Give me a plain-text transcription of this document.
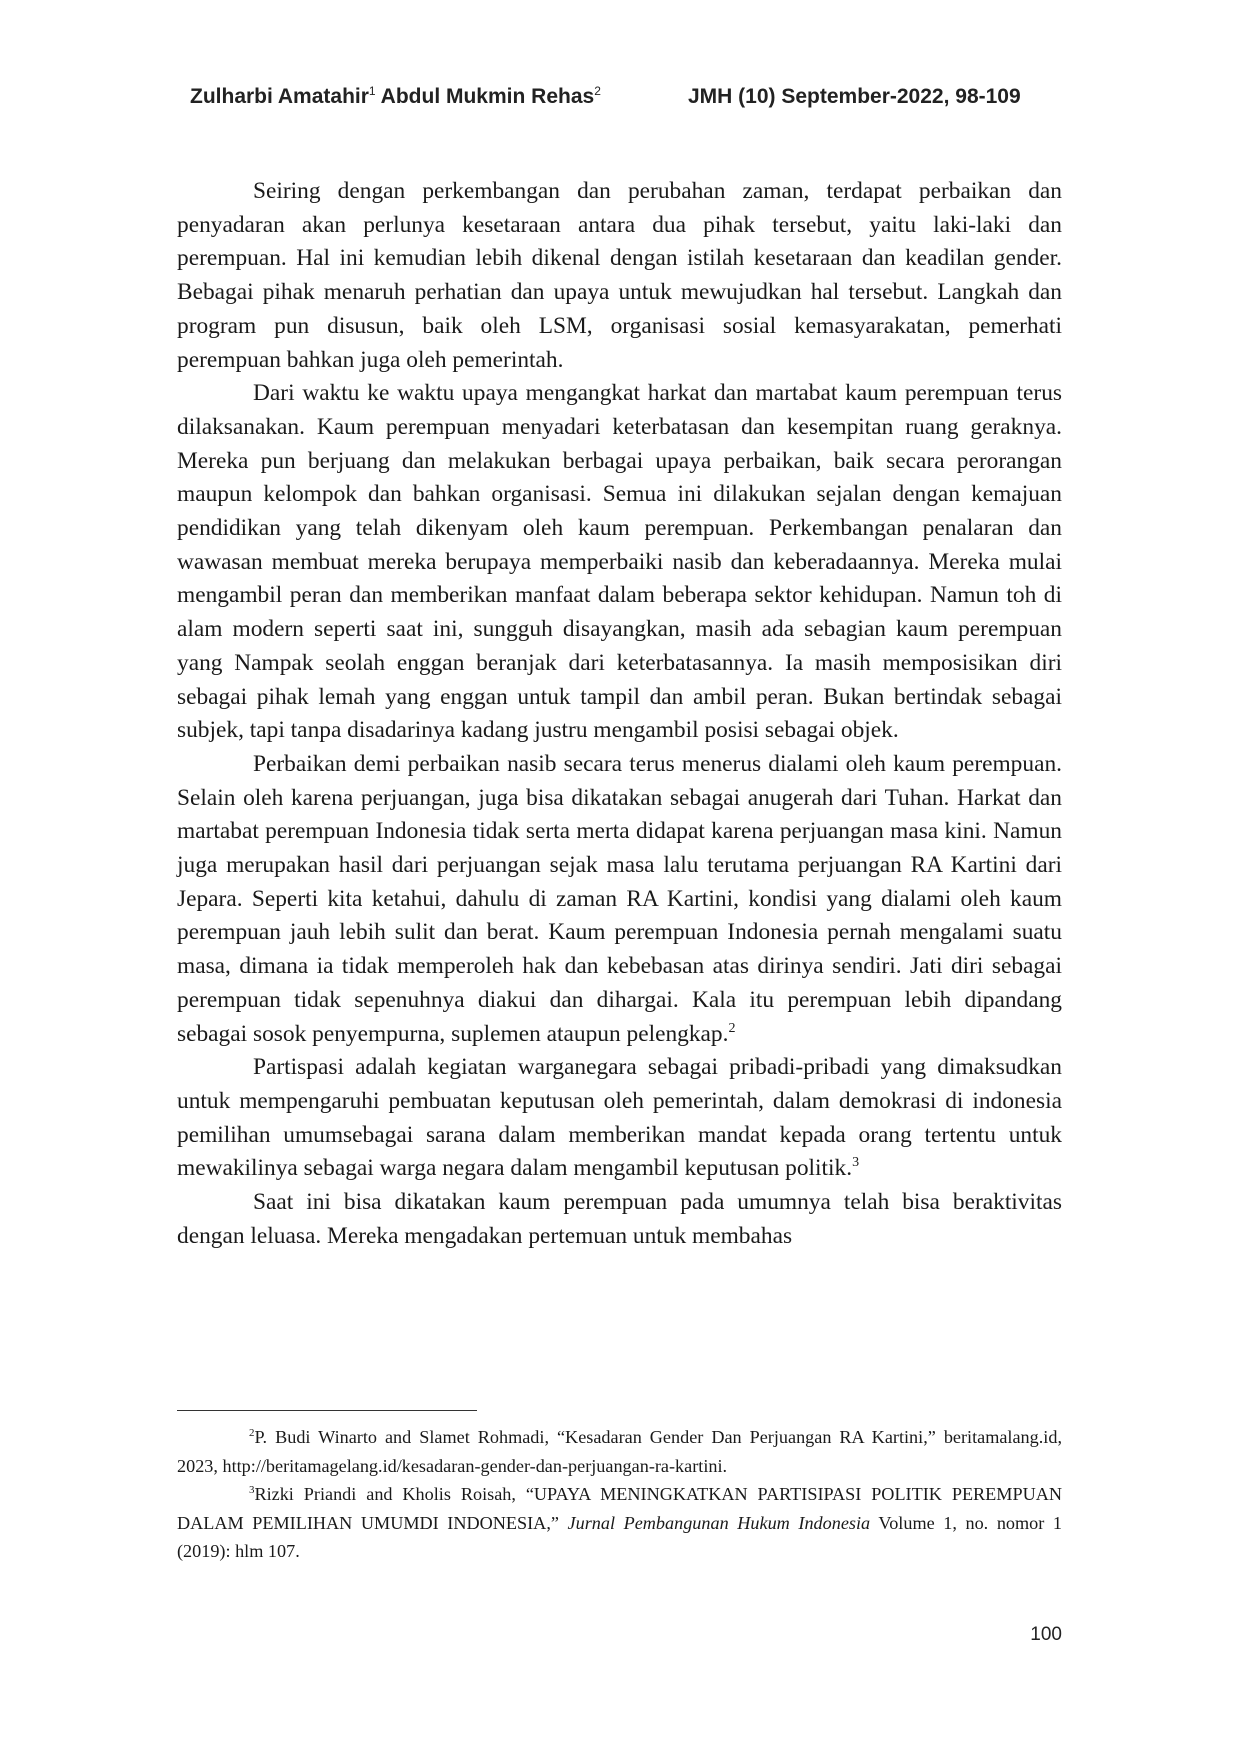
Zulharbi Amatahir$^1$ Abdul Mukmin Rehas$^2$	JMH (10) September-2022, 98-109

Seiring dengan perkembangan dan perubahan zaman, terdapat perbaikan dan penyadaran akan perlunya kesetaraan antara dua pihak tersebut, yaitu laki-laki dan perempuan. Hal ini kemudian lebih dikenal dengan istilah kesetaraan dan keadilan gender. Bebagai pihak menaruh perhatian dan upaya untuk mewujudkan hal tersebut. Langkah dan program pun disusun, baik oleh LSM, organisasi sosial kemasyarakatan, pemerhati perempuan bahkan juga oleh pemerintah.

Dari waktu ke waktu upaya mengangkat harkat dan martabat kaum perempuan terus dilaksanakan. Kaum perempuan menyadari keterbatasan dan kesempitan ruang geraknya. Mereka pun berjuang dan melakukan berbagai upaya perbaikan, baik secara perorangan maupun kelompok dan bahkan organisasi. Semua ini dilakukan sejalan dengan kemajuan pendidikan yang telah dikenyam oleh kaum perempuan. Perkembangan penalaran dan wawasan membuat mereka berupaya memperbaiki nasib dan keberadaannya. Mereka mulai mengambil peran dan memberikan manfaat dalam beberapa sektor kehidupan. Namun toh di alam modern seperti saat ini, sungguh disayangkan, masih ada sebagian kaum perempuan yang Nampak seolah enggan beranjak dari keterbatasannya. Ia masih memposisikan diri sebagai pihak lemah yang enggan untuk tampil dan ambil peran. Bukan bertindak sebagai subjek, tapi tanpa disadarinya kadang justru mengambil posisi sebagai objek.

Perbaikan demi perbaikan nasib secara terus menerus dialami oleh kaum perempuan. Selain oleh karena perjuangan, juga bisa dikatakan sebagai anugerah dari Tuhan. Harkat dan martabat perempuan Indonesia tidak serta merta didapat karena perjuangan masa kini. Namun juga merupakan hasil dari perjuangan sejak masa lalu terutama perjuangan RA Kartini dari Jepara. Seperti kita ketahui, dahulu di zaman RA Kartini, kondisi yang dialami oleh kaum perempuan jauh lebih sulit dan berat. Kaum perempuan Indonesia pernah mengalami suatu masa, dimana ia tidak memperoleh hak dan kebebasan atas dirinya sendiri. Jati diri sebagai perempuan tidak sepenuhnya diakui dan dihargai. Kala itu perempuan lebih dipandang sebagai sosok penyempurna, suplemen ataupun pelengkap.$^2$

Partispasi adalah kegiatan warganegara sebagai pribadi-pribadi yang dimaksudkan untuk mempengaruhi pembuatan keputusan oleh pemerintah, dalam demokrasi di indonesia pemilihan umumsebagai sarana dalam memberikan mandat kepada orang tertentu untuk mewakilinya sebagai warga negara dalam mengambil keputusan politik.$^3$

Saat ini bisa dikatakan kaum perempuan pada umumnya telah bisa beraktivitas dengan leluasa. Mereka mengadakan pertemuan untuk membahas

$^2$P. Budi Winarto and Slamet Rohmadi, “Kesadaran Gender Dan Perjuangan RA Kartini,” beritamalang.id, 2023, http://beritamagelang.id/kesadaran-gender-dan-perjuangan-ra-kartini.

$^3$Rizki Priandi and Kholis Roisah, “UPAYA MENINGKATKAN PARTISIPASI POLITIK PEREMPUAN DALAM PEMILIHAN UMUMDI INDONESIA,” Jurnal Pembangunan Hukum Indonesia Volume 1, no. nomor 1 (2019): hlm 107.

100
